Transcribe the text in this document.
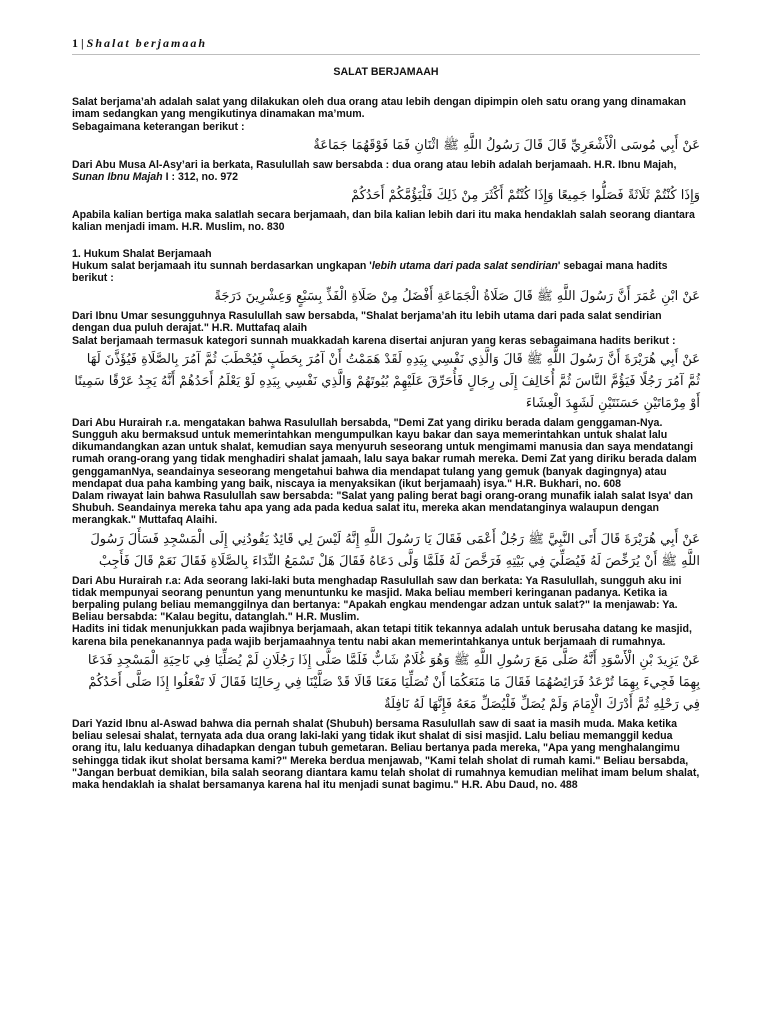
1 | Shalat berjamaah

SALAT BERJAMAAH

Salat berjama’ah adalah salat yang dilakukan oleh dua orang atau lebih dengan dipimpin oleh satu orang yang dinamakan imam sedangkan yang mengikutinya dinamakan ma’mum.

Sebagaimana keterangan berikut :

عَنْ أَبِي مُوسَى الْأَشْعَرِيِّ قَالَ قَالَ رَسُولُ اللَّهِ ﷺ اثْنَانِ فَمَا فَوْقَهُمَا جَمَاعَةٌ

Dari Abu Musa Al-Asy’ari ia berkata, Rasulullah saw bersabda : dua orang atau lebih adalah berjamaah. H.R. Ibnu Majah, Sunan Ibnu Majah I : 312, no. 972

وَإِذَا كُنْتُمْ ثَلَاثَةً فَصَلُّوا جَمِيعًا وَإِذَا كُنْتُمْ أَكْثَرَ مِنْ ذَلِكَ فَلْيَؤُمَّكُمْ أَحَدُكُمْ

Apabila kalian bertiga maka salatlah secara berjamaah, dan bila kalian lebih dari itu maka hendaklah salah seorang diantara kalian menjadi imam. H.R. Muslim, no. 830

1. Hukum Shalat Berjamaah

Hukum salat berjamaah itu sunnah berdasarkan ungkapan 'lebih utama dari pada salat sendirian' sebagai mana hadits berikut :

عَنْ ابْنِ عُمَرَ أَنَّ رَسُولَ اللَّهِ ﷺ قَالَ صَلَاةُ الْجَمَاعَةِ أَفْضَلُ مِنْ صَلَاةِ الْفَذِّ بِسَبْعٍ وَعِشْرِينَ دَرَجَةً

Dari Ibnu Umar sesungguhnya Rasulullah saw bersabda, "Shalat berjama’ah itu lebih utama dari pada salat sendirian dengan dua puluh derajat." H.R. Muttafaq alaih

Salat berjamaah termasuk kategori sunnah muakkadah karena disertai anjuran yang keras sebagaimana hadits berikut :

عَنْ أَبِي هُرَيْرَةَ أَنَّ رَسُولَ اللَّهِ ﷺ قَالَ وَالَّذِي نَفْسِي بِيَدِهِ لَقَدْ هَمَمْتُ أَنْ آمُرَ بِحَطَبٍ فَيُحْطَبَ ثُمَّ آمُرَ بِالصَّلَاةِ فَيُؤَذَّنَ لَهَا ثُمَّ آمُرَ رَجُلًا فَيَؤُمَّ النَّاسَ ثُمَّ أُخَالِفَ إِلَى رِجَالٍ فَأُحَرِّقَ عَلَيْهِمْ بُيُوتَهُمْ وَالَّذِي نَفْسِي بِيَدِهِ لَوْ يَعْلَمُ أَحَدُهُمْ أَنَّهُ يَجِدُ عَرْقًا سَمِينًا أَوْ مِرْمَاتَيْنِ حَسَنَتَيْنِ لَشَهِدَ الْعِشَاءَ

Dari Abu Hurairah r.a. mengatakan bahwa Rasulullah bersabda, "Demi Zat yang diriku berada dalam genggaman-Nya. Sungguh aku bermaksud untuk memerintahkan mengumpulkan kayu bakar dan saya memerintahkan untuk shalat lalu dikumandangkan azan untuk shalat, kemudian saya menyuruh seseorang untuk mengimami manusia dan saya mendatangi rumah orang-orang yang tidak menghadiri shalat jamaah, lalu saya bakar rumah mereka. Demi Zat yang diriku berada dalam genggamanNya, seandainya seseorang mengetahui bahwa dia mendapat tulang yang gemuk (banyak dagingnya) atau mendapat dua paha kambing yang baik, niscaya ia menyaksikan (ikut berjamaah) isya." H.R. Bukhari, no. 608

Dalam riwayat lain bahwa Rasulullah saw bersabda: "Salat yang paling berat bagi orang-orang munafik ialah salat Isya' dan Shubuh. Seandainya mereka tahu apa yang ada pada kedua salat itu, mereka akan mendatanginya walaupun dengan merangkak." Muttafaq Alaihi.

عَنْ أَبِي هُرَيْرَةَ قَالَ أَتَى النَّبِيَّ ﷺ رَجُلٌ أَعْمَى فَقَالَ يَا رَسُولَ اللَّهِ إِنَّهُ لَيْسَ لِي قَائِدٌ يَقُودُنِي إِلَى الْمَسْجِدِ فَسَأَلَ رَسُولَ اللَّهِ ﷺ أَنْ يُرَخِّصَ لَهُ فَيُصَلِّيَ فِي بَيْتِهِ فَرَخَّصَ لَهُ فَلَمَّا وَلَّى دَعَاهُ فَقَالَ هَلْ تَسْمَعُ النِّدَاءَ بِالصَّلَاةِ فَقَالَ نَعَمْ قَالَ فَأَجِبْ

Dari Abu Hurairah r.a: Ada seorang laki-laki buta menghadap Rasulullah saw dan berkata: Ya Rasulullah, sungguh aku ini tidak mempunyai seorang penuntun yang menuntunku ke masjid. Maka beliau memberi keringanan padanya. Ketika ia berpaling pulang beliau memanggilnya dan bertanya: "Apakah engkau mendengar adzan untuk salat?" Ia menjawab: Ya. Beliau bersabda: "Kalau begitu, datanglah." H.R. Muslim.

Hadits ini tidak menunjukkan pada wajibnya berjamaah, akan tetapi titik tekannya adalah untuk berusaha datang ke masjid, karena bila penekanannya pada wajib berjamaahnya tentu nabi akan memerintahkanya untuk berjamaah di rumahnya.

عَنْ يَزِيدَ بْنِ الْأَسْوَدِ أَنَّهُ صَلَّى مَعَ رَسُولِ اللَّهِ ﷺ وَهُوَ غُلَامٌ شَابٌّ فَلَمَّا صَلَّى إِذَا رَجُلَانِ لَمْ يُصَلِّيَا فِي نَاحِيَةِ الْمَسْجِدِ فَدَعَا بِهِمَا فَجِيءَ بِهِمَا تُرْعَدُ فَرَائِصُهُمَا فَقَالَ مَا مَنَعَكُمَا أَنْ تُصَلِّيَا مَعَنَا قَالَا قَدْ صَلَّيْنَا فِي رِحَالِنَا فَقَالَ لَا تَفْعَلُوا إِذَا صَلَّى أَحَدُكُمْ فِي رَحْلِهِ ثُمَّ أَدْرَكَ الْإِمَامَ وَلَمْ يُصَلِّ فَلْيُصَلِّ مَعَهُ فَإِنَّهَا لَهُ نَافِلَةٌ

Dari Yazid Ibnu al-Aswad bahwa dia pernah shalat (Shubuh) bersama Rasulullah saw di saat ia masih muda. Maka ketika beliau selesai shalat, ternyata ada dua orang laki-laki yang tidak ikut shalat di sisi masjid. Lalu beliau memanggil kedua orang itu, lalu keduanya dihadapkan dengan tubuh gemetaran. Beliau bertanya pada mereka, "Apa yang menghalangimu sehingga tidak ikut sholat bersama kami?" Mereka berdua menjawab, "Kami telah sholat di rumah kami." Beliau bersabda, "Jangan berbuat demikian, bila salah seorang diantara kamu telah sholat di rumahnya kemudian melihat imam belum shalat, maka hendaklah ia shalat bersamanya karena hal itu menjadi sunat bagimu." H.R. Abu Daud, no. 488
